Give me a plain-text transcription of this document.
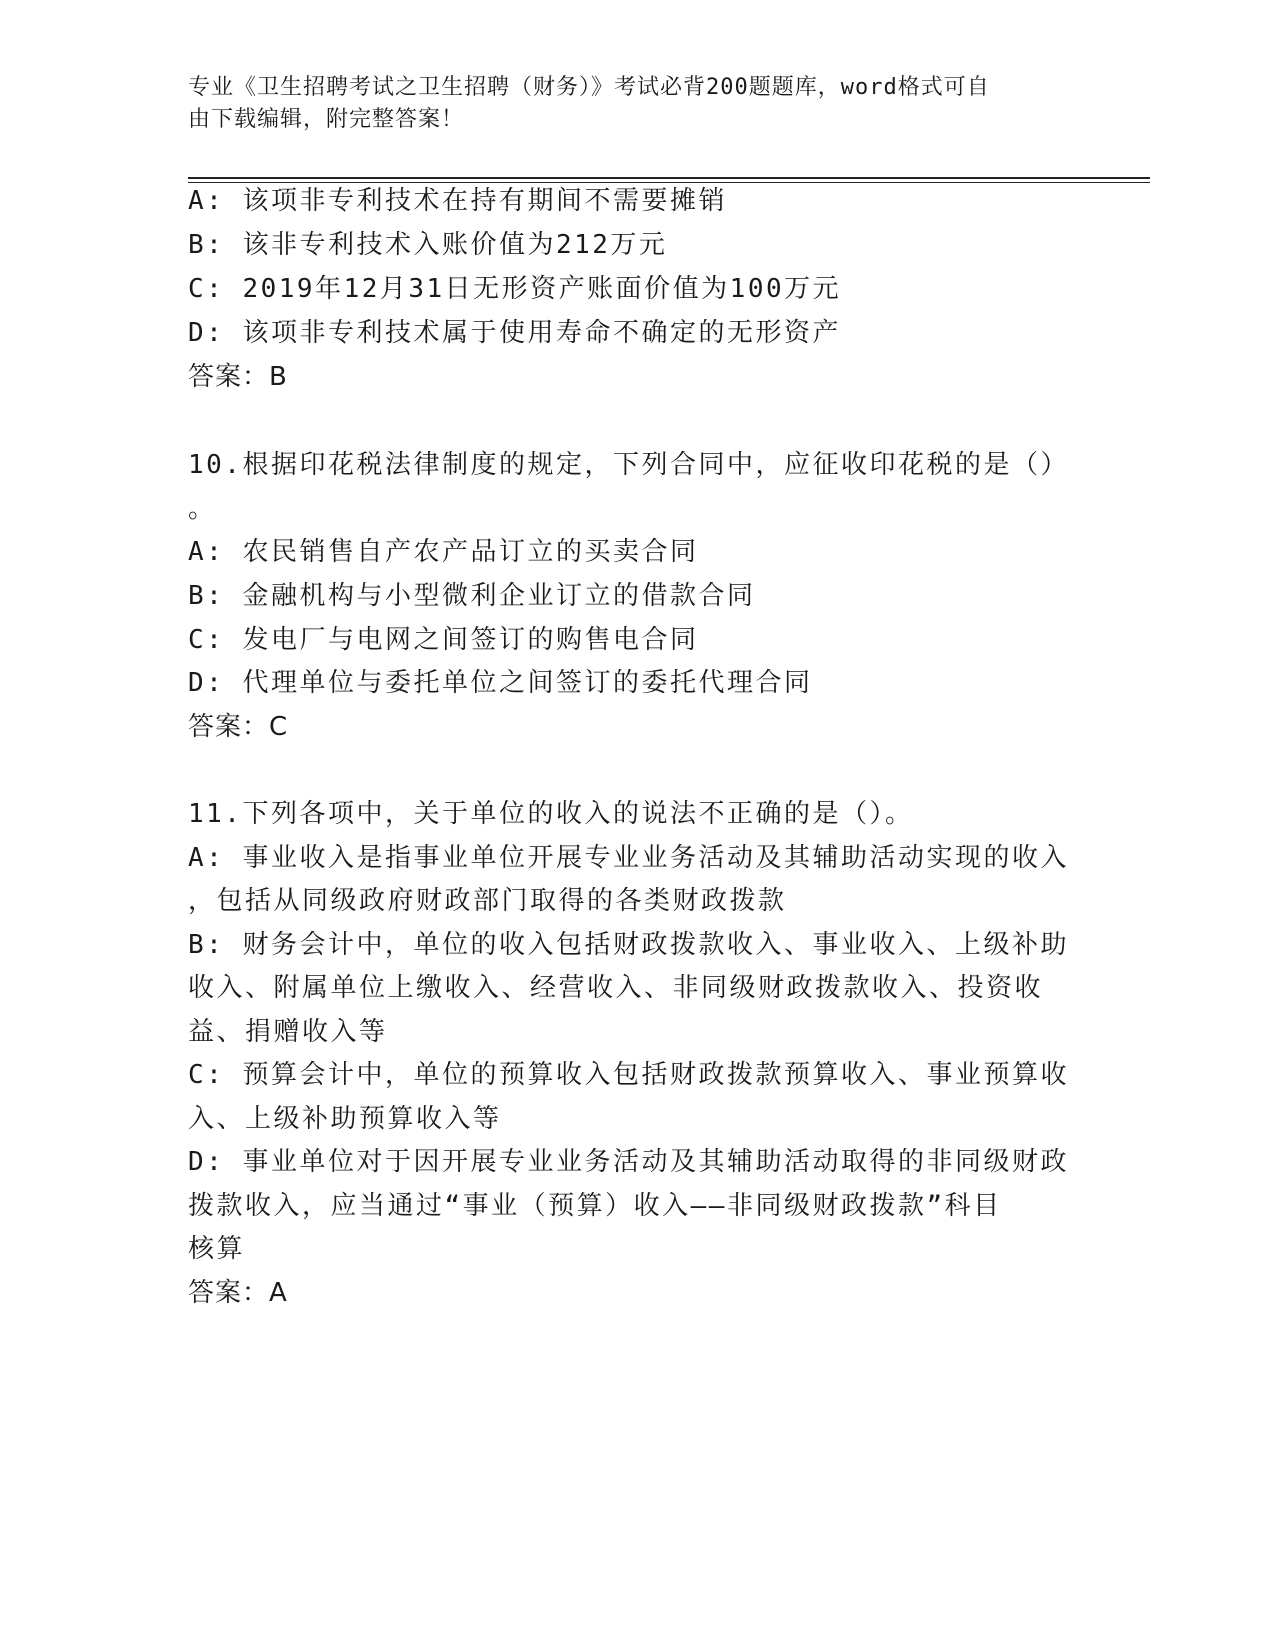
专业《卫生招聘考试之卫生招聘（财务）》考试必背200题题库，word格式可自
由下载编辑，附完整答案！
A: 该项非专利技术在持有期间不需要摊销
B: 该非专利技术入账价值为212万元
C: 2019年12月31日无形资产账面价值为100万元
D: 该项非专利技术属于使用寿命不确定的无形资产
答案：B
10.根据印花税法律制度的规定，下列合同中，应征收印花税的是（）
。
A: 农民销售自产农产品订立的买卖合同
B: 金融机构与小型微利企业订立的借款合同
C: 发电厂与电网之间签订的购售电合同
D: 代理单位与委托单位之间签订的委托代理合同
答案：C
11.下列各项中，关于单位的收入的说法不正确的是（）。
A: 事业收入是指事业单位开展专业业务活动及其辅助活动实现的收入
，包括从同级政府财政部门取得的各类财政拨款
B: 财务会计中，单位的收入包括财政拨款收入、事业收入、上级补助
收入、附属单位上缴收入、经营收入、非同级财政拨款收入、投资收
益、捐赠收入等
C: 预算会计中，单位的预算收入包括财政拨款预算收入、事业预算收
入、上级补助预算收入等
D: 事业单位对于因开展专业业务活动及其辅助活动取得的非同级财政
拨款收入，应当通过“事业（预算）收入——非同级财政拨款”科目
核算
答案：A
